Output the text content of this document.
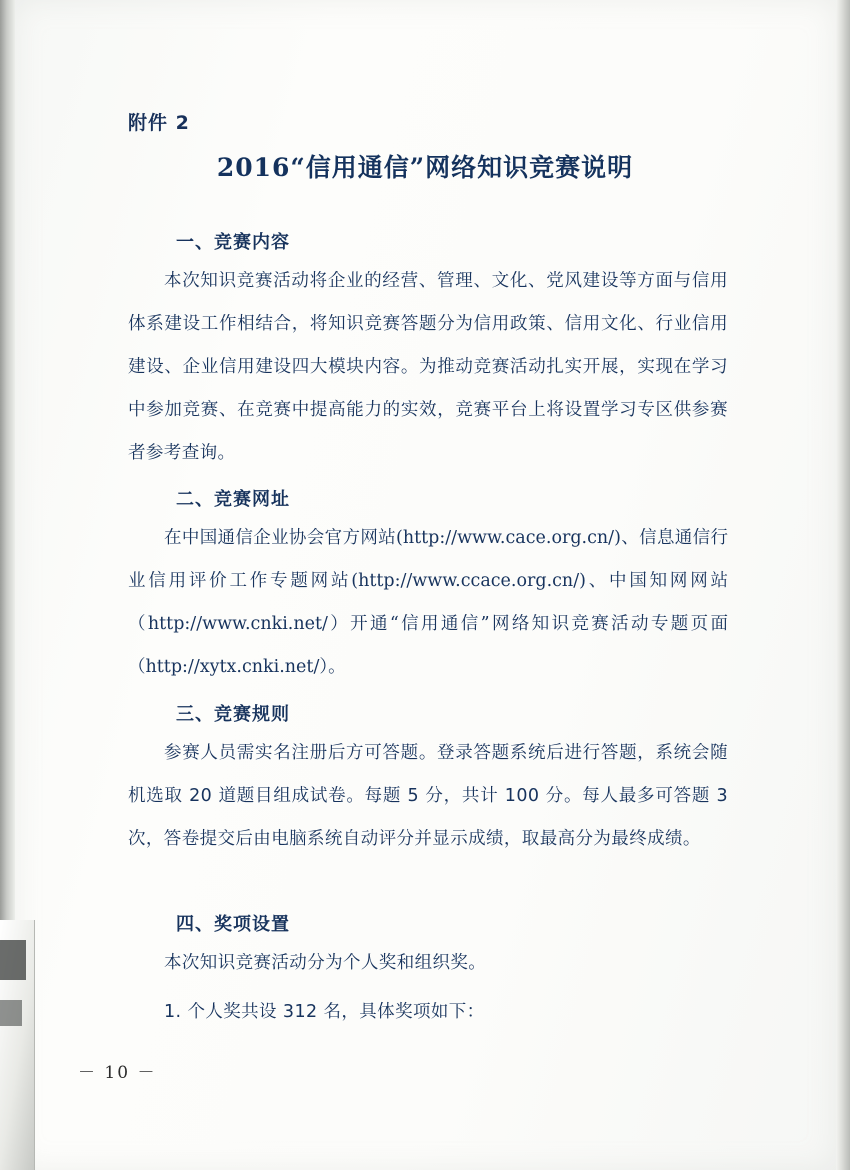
附件 2
2016“信用通信”网络知识竞赛说明
一、竞赛内容
本次知识竞赛活动将企业的经营、管理、文化、党风建设等方面与信用体系建设工作相结合，将知识竞赛答题分为信用政策、信用文化、行业信用建设、企业信用建设四大模块内容。为推动竞赛活动扎实开展，实现在学习中参加竞赛、在竞赛中提高能力的实效，竞赛平台上将设置学习专区供参赛者参考查询。
二、竞赛网址
在中国通信企业协会官方网站(http://www.cace.org.cn/)、信息通信行业信用评价工作专题网站(http://www.ccace.org.cn/)、中国知网网站（http://www.cnki.net/）开通“信用通信”网络知识竞赛活动专题页面（http://xytx.cnki.net/）。
三、竞赛规则
参赛人员需实名注册后方可答题。登录答题系统后进行答题，系统会随机选取 20 道题目组成试卷。每题 5 分，共计 100 分。每人最多可答题 3 次，答卷提交后由电脑系统自动评分并显示成绩，取最高分为最终成绩。
四、奖项设置
本次知识竞赛活动分为个人奖和组织奖。
1. 个人奖共设 312 名，具体奖项如下：
－ 10 －
